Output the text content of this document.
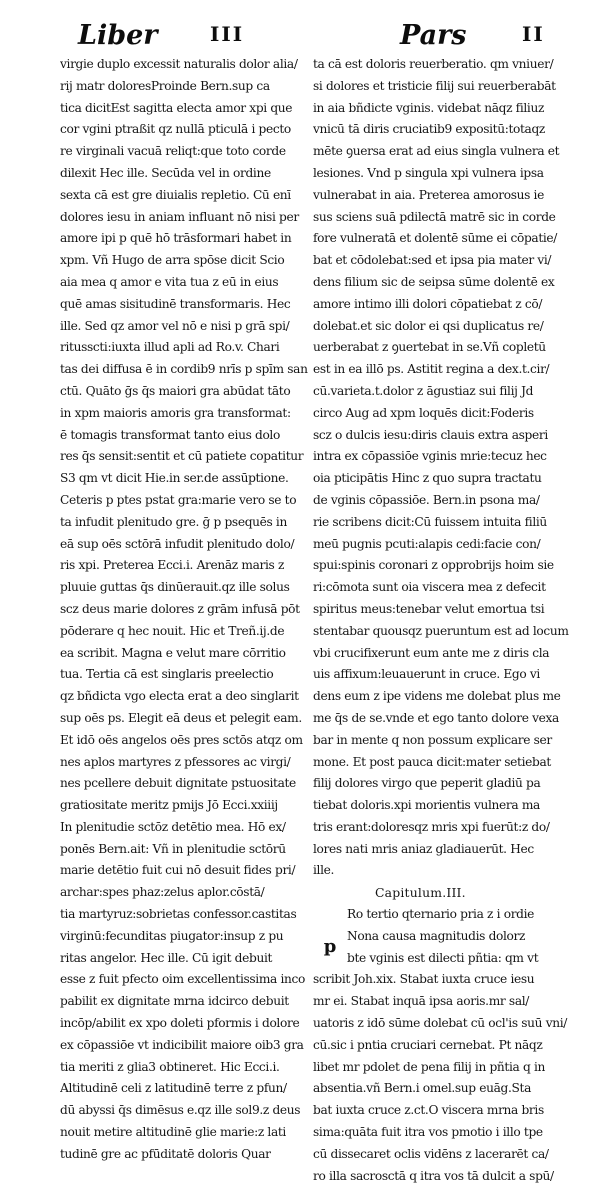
Liber	III	Pars	II
virgie duplo excessit naturalis dolor alia/
rij matr doloresProinde Bern.sup ca
tica dicitEst sagitta electa amor xpi que
cor vgini ptraßit qz nullā pticulā i pecto
re virginali vacuā reliqt:que toto corde
dilexit Hec ille. Secūda vel in ordine
sexta cā est gre diuialis repletio. Cū enī
dolores iesu in aniam influant nō nisi per
amore ipi p quē hō trāsformari habet in
xpm. Vñ Hugo de arra spōse dicit Scio
aia mea q amor e vita tua z eū in eius
quē amas sisitudinē transformaris. Hec
ille. Sed qz amor vel nō e nisi p grā spi/
ritusscti:iuxta illud apli ad Ro.v. Chari
tas dei diffusa ē in cordib9 nrīs p spīm san
ctū. Quāto ḡs q̄s maiori gra abūdat tāto
in xpm maioris amoris gra transformat:
ē tomagis transformat tanto eius dolo
res q̄s sensit:sentit et cū patiete copatitur
S3 qm vt dicit Hie.in ser.de assūptione.
Ceteris p ptes pstat gra:marie vero se to
ta infudit plenitudo gre. ḡ p psequēs in
eā sup oēs sctōrā infudit plenitudo dolo/
ris xpi. Preterea Ecci.i. Arenāz maris z
pluuie guttas q̄s dinūerauit.qz ille solus
scz deus marie dolores z grām infusā pōt
pōderare q hec nouit. Hic et Treñ.ij.de
ea scribit. Magna e velut mare cōrritio
tua. Tertia cā est singlaris preelectio
qz bñdicta vgo electa erat a deo singlarit
sup oēs ps. Elegit eā deus et pelegit eam.
Et idō oēs angelos oēs pres sctōs atqz om
nes aplos martyres z pfessores ac virgi/
nes pcellere debuit dignitate pstuositate
gratiositate meritz pmijs Jō Ecci.xxiiij
In plenitudie sctōz detētio mea. Hō ex/
ponēs Bern.ait: Vñ in plenitudie sctōrū
marie detētio fuit cui nō desuit fides pri/
archar:spes phaz:zelus aplor.cōstā/
tia martyruz:sobrietas confessor.castitas
virginū:fecunditas piugator:insup z pu
ritas angelor. Hec ille. Cū igit debuit
esse z fuit pfecto oim excellentissima inco
pabilit ex dignitate mrna idcirco debuit
incōp/abilit ex xpo doleti pformis i dolore
ex cōpassiōe vt indicibilit maiore oib3 gra
tia meriti z glia3 obtineret. Hic Ecci.i.
Altitudinē celi z latitudinē terre z pfun/
dū abyssi q̄s dimēsus e.qz ille sol9.z deus
nouit metire altitudinē glie marie:z lati
tudinē gre ac pfūditatē doloris Quar
ta cā est doloris reuerberatio. qm vniuer/
si dolores et tristicie filij sui reuerberabāt
in aia bñdicte vginis. videbat nāqz filiuz
vnicū tā diris cruciatib9 expositū:totaqz
mēte ꝯuersa erat ad eius singla vulnera et
lesiones. Vnd p singula xpi vulnera ipsa
vulnerabat in aia. Preterea amorosus ie
sus sciens suā pdilectā matrē sic in corde
fore vulneratā et dolentē sūme ei cōpatie/
bat et cōdolebat:sed et ipsa pia mater vi/
dens filium sic de seipsa sūme dolentē ex
amore intimo illi dolori cōpatiebat z cō/
dolebat.et sic dolor ei qsi duplicatus re/
uerberabat z ꝯuertebat in se.Vñ copletū
est in ea illō ps. Astitit regina a dex.t.cir/
cū.varieta.t.dolor z āgustiaz sui filij Jd
circo Aug ad xpm loquēs dicit:Foderis
scz o dulcis iesu:diris clauis extra asperi
intra ex cōpassiōe vginis mrie:tecuz hec
oia pticipātis Hinc z quo supra tractatu
de vginis cōpassiōe. Bern.in psona ma/
rie scribens dicit:Cū fuissem intuita filiū
meū pugnis pcuti:alapis cedi:facie con/
spui:spinis coronari z opprobrijs hoim sie
ri:cōmota sunt oia viscera mea z defecit
spiritus meus:tenebar velut emortua tsi
stentabar quousqz pueruntum est ad locum
vbi crucifixerunt eum ante me z diris cla
uis affixum:leuauerunt in cruce. Ego vi
dens eum z ipe videns me dolebat plus me
me q̄s de se.vnde et ego tanto dolore vexa
bar in mente q non possum explicare ser
mone. Et post pauca dicit:mater setiebat
filij dolores virgo que peperit gladiū pa
tiebat doloris.xpi morientis vulnera ma
tris erant:doloresqz mris xpi fuerūt:z do/
lores nati mris aniaz gladiauerūt. Hec
ille.
Capitulum.III.
p
Ro tertio qternario pria z i ordie
Nona causa magnitudis dolorz
bte vginis est dilecti pñtia: qm vt
scribit Joh.xix. Stabat iuxta cruce iesu
mr ei. Stabat inquā ipsa aoris.mr sal/
uatoris z idō sūme dolebat cū ocl'is suū vni/
cū.sic i pntia cruciari cernebat. Pt nāqz
libet mr pdolet de pena filij in pñtia q in
absentia.vñ Bern.i omel.sup euāg.Sta
bat iuxta cruce z.ct.O viscera mrna bris
sima:quāta fuit itra vos pmotio i illo tpe
cū dissecaret oclis vidēns z lacerarēt ca/
ro illa sacrosctā q itra vos tā dulcit a spū/
